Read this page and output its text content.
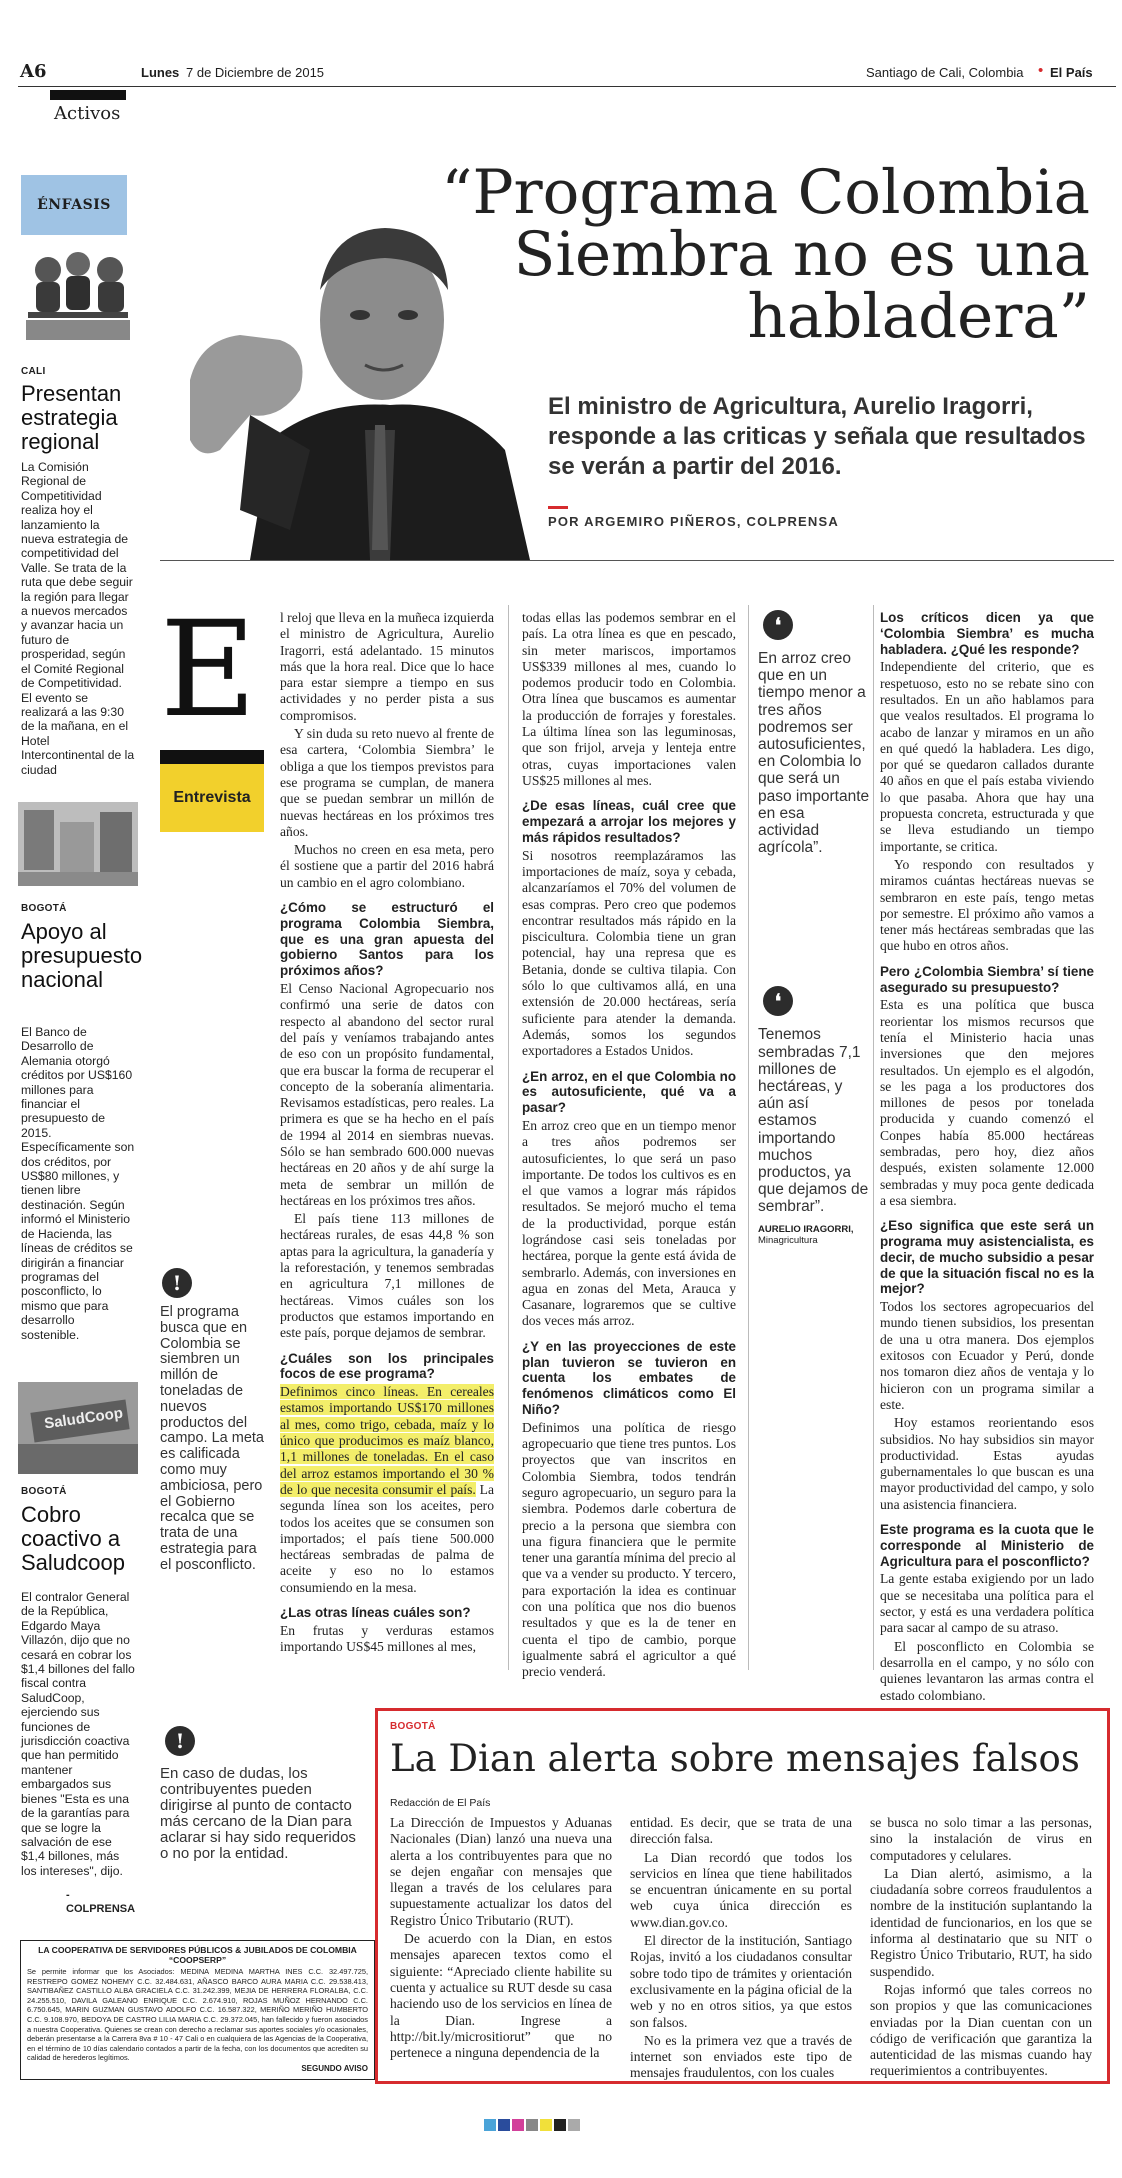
A6	Lunes 7 de Diciembre de 2015	Santiago de Cali, Colombia • El País
Activos
ÉNFASIS
CALI
Presentan estrategia regional
La Comisión Regional de Competitividad realiza hoy el lanzamiento la nueva estrategia de competitividad del Valle. Se trata de la ruta que debe seguir la región para llegar a nuevos mercados y avanzar hacia un futuro de prosperidad, según el Comité Regional de Competitividad. El evento se realizará a las 9:30 de la mañana, en el Hotel Intercontinental de la ciudad
BOGOTÁ
Apoyo al presupuesto nacional
El Banco de Desarrollo de Alemania otorgó créditos por US$160 millones para financiar el presupuesto de 2015. Específicamente son dos créditos, por US$80 millones, y tienen libre destinación. Según informó el Ministerio de Hacienda, las líneas de créditos se dirigirán a financiar programas del posconflicto, lo mismo que para desarrollo sostenible.
SaludCoop
BOGOTÁ
Cobro coactivo a Saludcoop
El contralor General de la República, Edgardo Maya Villazón, dijo que no cesará en cobrar los $1,4 billones del fallo fiscal contra SaludCoop, ejerciendo sus funciones de jurisdicción coactiva que han permitido mantener embargados sus bienes "Esta es una de la garantías para que se logre la salvación de ese $1,4 billones, más los intereses", dijo.
-COLPRENSA
“Programa Colombia Siembra no es una habladera”
El ministro de Agricultura, Aurelio Iragorri, responde a las criticas y señala que resultados se verán a partir del 2016.
POR ARGEMIRO PIÑEROS, COLPRENSA
E
Entrevista

l reloj que lleva en la muñeca izquierda el ministro de Agricultura, Aurelio Iragorri, está adelantado. 15 minutos más que la hora real. Dice que lo hace para estar siempre a tiempo en sus actividades y no perder pista a sus compromisos.

Y sin duda su reto nuevo al frente de esa cartera, ‘Colombia Siembra’ le obliga a que los tiempos previstos para ese programa se cumplan, de manera que se puedan sembrar un millón de nuevas hectáreas en los próximos tres años.

Muchos no creen en esa meta, pero él sostiene que a partir del 2016 habrá un cambio en el agro colombiano.

¿Cómo se estructuró el programa Colombia Siembra, que es una gran apuesta del gobierno Santos para los próximos años?

El Censo Nacional Agropecuario nos confirmó una serie de datos con respecto al abandono del sector rural del país y veníamos trabajando antes de eso con un propósito fundamental, que era buscar la forma de recuperar el concepto de la soberanía alimentaria. Revisamos estadísticas, pero reales. La primera es que se ha hecho en el país de 1994 al 2014 en siembras nuevas. Sólo se han sembrado 600.000 nuevas hectáreas en 20 años y de ahí surge la meta de sembrar un millón de hectáreas en los próximos tres años.

El país tiene 113 millones de hectáreas rurales, de esas 44,8 % son aptas para la agricultura, la ganadería y la reforestación, y tenemos sembradas en agricultura 7,1 millones de hectáreas. Vimos cuáles son los productos que estamos importando en este país, porque dejamos de sembrar.

¿Cuáles son los principales focos de ese programa?

Definimos cinco líneas. En cereales estamos importando US$170 millones al mes, como trigo, cebada, maíz y lo único que producimos es maíz blanco, 1,1 millones de toneladas. En el caso del arroz estamos importando el 30 % de lo que necesita consumir el país. La segunda línea son los aceites, pero todos los aceites que se consumen son importados; el país tiene 500.000 hectáreas sembradas de palma de aceite y eso no lo estamos consumiendo en la mesa.

¿Las otras líneas cuáles son?

En frutas y verduras estamos importando US$45 millones al mes,

!
El programa busca que en Colombia se siembren un millón de toneladas de nuevos productos del campo. La meta es calificada como muy ambiciosa, pero el Gobierno recalca que se trata de una estrategia para el posconflicto.

todas ellas las podemos sembrar en el país. La otra línea es que en pescado, sin meter mariscos, importamos US$339 millones al mes, cuando lo podemos producir todo en Colombia. Otra línea que buscamos es aumentar la producción de forrajes y forestales. La última línea son las leguminosas, que son frijol, arveja y lenteja entre otras, cuyas importaciones valen US$25 millones al mes.

¿De esas líneas, cuál cree que empezará a arrojar los mejores y más rápidos resultados?

Si nosotros reemplazáramos las importaciones de maíz, soya y cebada, alcanzaríamos el 70% del volumen de esas compras. Pero creo que podemos encontrar resultados más rápido en la piscicultura. Colombia tiene un gran potencial, hay una represa que es Betania, donde se cultiva tilapia. Con sólo lo que cultivamos allá, en una extensión de 20.000 hectáreas, sería suficiente para atender la demanda. Además, somos los segundos exportadores a Estados Unidos.

¿En arroz, en el que Colombia no es autosuficiente, qué va a pasar?

En arroz creo que en un tiempo menor a tres años podremos ser autosuficientes, lo que será un paso importante. De todos los cultivos es en el que vamos a lograr más rápidos resultados. Se mejoró mucho el tema de la productividad, porque están lográndose casi seis toneladas por hectárea, porque la gente está ávida de sembrarlo. Además, con inversiones en agua en zonas del Meta, Arauca y Casanare, lograremos que se cultive dos veces más arroz.

¿Y en las proyecciones de este plan tuvieron se tuvieron en cuenta los embates de fenómenos climáticos como El Niño?

Definimos una política de riesgo agropecuario que tiene tres puntos. Los proyectos que van inscritos en Colombia Siembra, todos tendrán seguro agropecuario, un seguro para la siembra. Podemos darle cobertura de precio a la persona que siembra con una figura financiera que le permite tener una garantía mínima del precio al que va a vender su producto. Y tercero, para exportación la idea es continuar con una política que nos dio buenos resultados y que es la de tener en cuenta el tipo de cambio, porque igualmente sabrá el agricultor a qué precio venderá.

❛
En arroz creo que en un tiempo menor a tres años podremos ser autosuficientes, en Colombia lo que será un paso importante en esa actividad agrícola”.
❛
Tenemos sembradas 7,1 millones de hectáreas, y aún así estamos importando muchos productos, ya que dejamos de sembrar”.
AURELIO IRAGORRI,
Minagricultura
Los críticos dicen ya que ‘Colombia Siembra’ es mucha habladera. ¿Qué les responde?

Independiente del criterio, que es respetuoso, esto no se rebate sino con resultados. En un año hablamos para que vealos resultados. El programa lo acabo de lanzar y miramos en un año en qué quedó la habladera. Les digo, por qué se quedaron callados durante 40 años en que el país estaba viviendo lo que pasaba. Ahora que hay una propuesta concreta, estructurada y que se lleva estudiando un tiempo importante, se critica.

Yo respondo con resultados y miramos cuántas hectáreas nuevas se sembraron en este país, tengo metas por semestre. El próximo año vamos a tener más hectáreas sembradas que las que hubo en otros años.

Pero ¿Colombia Siembra’ sí tiene asegurado su presupuesto?

Esta es una política que busca reorientar los mismos recursos que tenía el Ministerio hacia unas inversiones que den mejores resultados. Un ejemplo es el algodón, se les paga a los productores dos millones de pesos por tonelada producida y cuando comenzó el Conpes había 85.000 hectáreas sembradas, pero hoy, diez años después, existen solamente 12.000 sembradas y muy poca gente dedicada a esa siembra.

¿Eso significa que este será un programa muy asistencialista, es decir, de mucho subsidio a pesar de que la situación fiscal no es la mejor?

Todos los sectores agropecuarios del mundo tienen subsidios, los presentan de una u otra manera. Dos ejemplos exitosos con Ecuador y Perú, donde nos tomaron diez años de ventaja y lo hicieron con un programa similar a este.

Hoy estamos reorientando esos subsidios. No hay subsidios sin mayor productividad. Estas ayudas gubernamentales lo que buscan es una mayor productividad del campo, y solo una asistencia financiera.

Este programa es la cuota que le corresponde al Ministerio de Agricultura para el posconflicto?

La gente estaba exigiendo por un lado que se necesitaba una política para el sector, y está es una verdadera política para sacar al campo de su atraso.

El posconflicto en Colombia se desarrolla en el campo, y no sólo con quienes levantaron las armas contra el estado colombiano.

!
En caso de dudas, los contribuyentes pueden dirigirse al punto de contacto más cercano de la Dian para aclarar si hay sido requeridos o no por la entidad.
BOGOTÁ
La Dian alerta sobre mensajes falsos
Redacción de El País

La Dirección de Impuestos y Aduanas Nacionales (Dian) lanzó una nueva una alerta a los contribuyentes para que no se dejen engañar con mensajes que llegan a través de los celulares para supuestamente actualizar los datos del Registro Único Tributario (RUT).

De acuerdo con la Dian, en estos mensajes aparecen textos como el siguiente: “Apreciado cliente habilite su cuenta y actualice su RUT desde su casa haciendo uso de los servicios en línea de la Dian. Ingrese a http://bit.ly/micrositiorut” que no pertenece a ninguna dependencia de la

entidad. Es decir, que se trata de una dirección falsa.

La Dian recordó que todos los servicios en línea que tiene habilitados se encuentran únicamente en su portal web cuya única dirección es www.dian.gov.co.

El director de la institución, Santiago Rojas, invitó a los ciudadanos consultar sobre todo tipo de trámites y orientación exclusivamente en la página oficial de la web y no en otros sitios, ya que estos son falsos.

No es la primera vez que a través de internet son enviados este tipo de mensajes fraudulentos, con los cuales

se busca no solo timar a las personas, sino la instalación de virus en computadores y celulares.

La Dian alertó, asimismo, a la ciudadanía sobre correos fraudulentos a nombre de la institución suplantando la identidad de funcionarios, en los que se informa al destinatario que su NIT o Registro Único Tributario, RUT, ha sido suspendido.

Rojas informó que tales correos no son propios y que las comunicaciones enviadas por la Dian cuentan con un código de verificación que garantiza la autenticidad de las mismas cuando hay requerimientos a contribuyentes.

LA COOPERATIVA DE SERVIDORES PÚBLICOS & JUBILADOS DE COLOMBIA
“COOPSERP”
Se permite informar que los Asociados: MEDINA MEDINA MARTHA INES C.C. 32.497.725, RESTREPO GOMEZ NOHEMY C.C. 32.484.631, AÑASCO BARCO AURA MARIA C.C. 29.538.413, SANTIBAÑEZ CASTILLO ALBA GRACIELA C.C. 31.242.399, MEJIA DE HERRERA FLORALBA, C.C. 24.255.510, DAVILA GALEANO ENRIQUE C.C. 2.674.910, ROJAS MUÑOZ HERNANDO C.C. 6.750.645, MARIN GUZMAN GUSTAVO ADOLFO C.C. 16.587.322, MERIÑO MERIÑO HUMBERTO C.C. 9.108.970, BEDOYA DE CASTRO LILIA MARIA C.C. 29.372.045, han fallecido y fueron asociados a nuestra Cooperativa. Quienes se crean con derecho a reclamar sus aportes sociales y/o ocasionales, deberán presentarse a la Carrera 8va # 10 - 47 Cali o en cualquiera de las Agencias de la Cooperativa, en el término de 10 días calendario contados a partir de la fecha, con los documentos que acrediten su calidad de herederos legítimos.
SEGUNDO AVISO
